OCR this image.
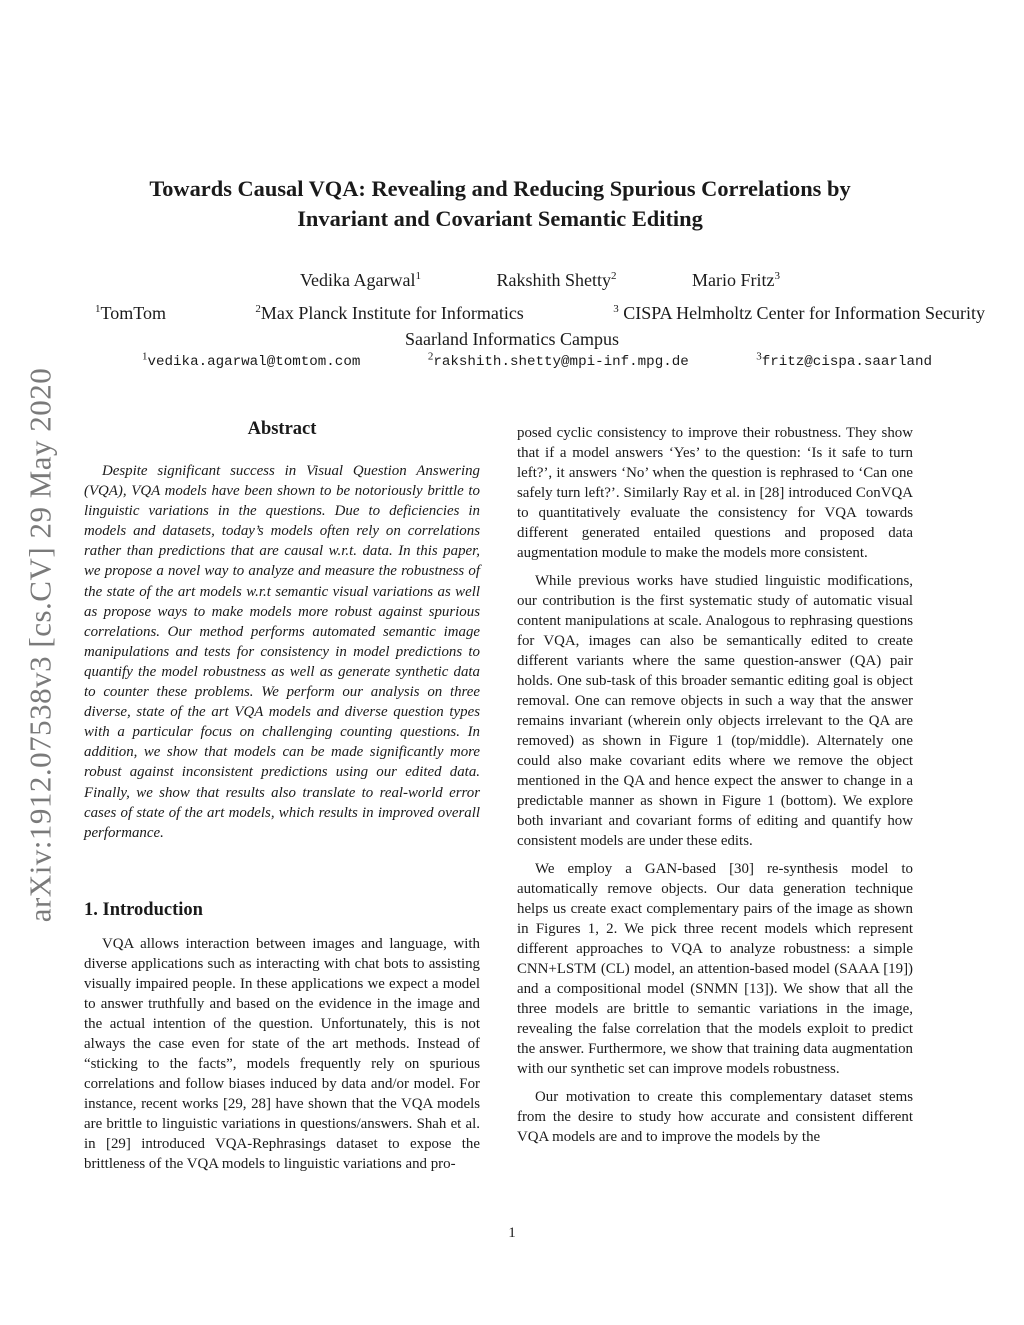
arXiv:1912.07538v3 [cs.CV] 29 May 2020
Towards Causal VQA: Revealing and Reducing Spurious Correlations by
Invariant and Covariant Semantic Editing
Vedika Agarwal$^1$	Rakshith Shetty$^2$	Mario Fritz$^3$
$^1$TomTom	$^2$Max Planck Institute for Informatics	$^3$ CISPA Helmholtz Center for Information Security
Saarland Informatics Campus
$^1$vedika.agarwal@tomtom.com	$^2$rakshith.shetty@mpi-inf.mpg.de	$^3$fritz@cispa.saarland
Abstract

Despite significant success in Visual Question Answering (VQA), VQA models have been shown to be notoriously brittle to linguistic variations in the questions. Due to deficiencies in models and datasets, today’s models often rely on correlations rather than predictions that are causal w.r.t. data. In this paper, we propose a novel way to analyze and measure the robustness of the state of the art models w.r.t semantic visual variations as well as propose ways to make models more robust against spurious correlations. Our method performs automated semantic image manipulations and tests for consistency in model predictions to quantify the model robustness as well as generate synthetic data to counter these problems. We perform our analysis on three diverse, state of the art VQA models and diverse question types with a particular focus on challenging counting questions. In addition, we show that models can be made significantly more robust against inconsistent predictions using our edited data. Finally, we show that results also translate to real-world error cases of state of the art models, which results in improved overall performance.

1. Introduction

VQA allows interaction between images and language, with diverse applications such as interacting with chat bots to assisting visually impaired people. In these applications we expect a model to answer truthfully and based on the evidence in the image and the actual intention of the question. Unfortunately, this is not always the case even for state of the art methods. Instead of “sticking to the facts”, models frequently rely on spurious correlations and follow biases induced by data and/or model. For instance, recent works [29, 28] have shown that the VQA models are brittle to linguistic variations in questions/answers. Shah et al. in [29] introduced VQA-Rephrasings dataset to expose the brittleness of the VQA models to linguistic variations and pro-

posed cyclic consistency to improve their robustness. They show that if a model answers ‘Yes’ to the question: ‘Is it safe to turn left?’, it answers ‘No’ when the question is rephrased to ‘Can one safely turn left?’. Similarly Ray et al. in [28] introduced ConVQA to quantitatively evaluate the consistency for VQA towards different generated entailed questions and proposed data augmentation module to make the models more consistent.

While previous works have studied linguistic modifications, our contribution is the first systematic study of automatic visual content manipulations at scale. Analogous to rephrasing questions for VQA, images can also be semantically edited to create different variants where the same question-answer (QA) pair holds. One sub-task of this broader semantic editing goal is object removal. One can remove objects in such a way that the answer remains invariant (wherein only objects irrelevant to the QA are removed) as shown in Figure 1 (top/middle). Alternately one could also make covariant edits where we remove the object mentioned in the QA and hence expect the answer to change in a predictable manner as shown in Figure 1 (bottom). We explore both invariant and covariant forms of editing and quantify how consistent models are under these edits.

We employ a GAN-based [30] re-synthesis model to automatically remove objects. Our data generation technique helps us create exact complementary pairs of the image as shown in Figures 1, 2. We pick three recent models which represent different approaches to VQA to analyze robustness: a simple CNN+LSTM (CL) model, an attention-based model (SAAA [19]) and a compositional model (SNMN [13]). We show that all the three models are brittle to semantic variations in the image, revealing the false correlation that the models exploit to predict the answer. Furthermore, we show that training data augmentation with our synthetic set can improve models robustness.

Our motivation to create this complementary dataset stems from the desire to study how accurate and consistent different VQA models are and to improve the models by the

1
